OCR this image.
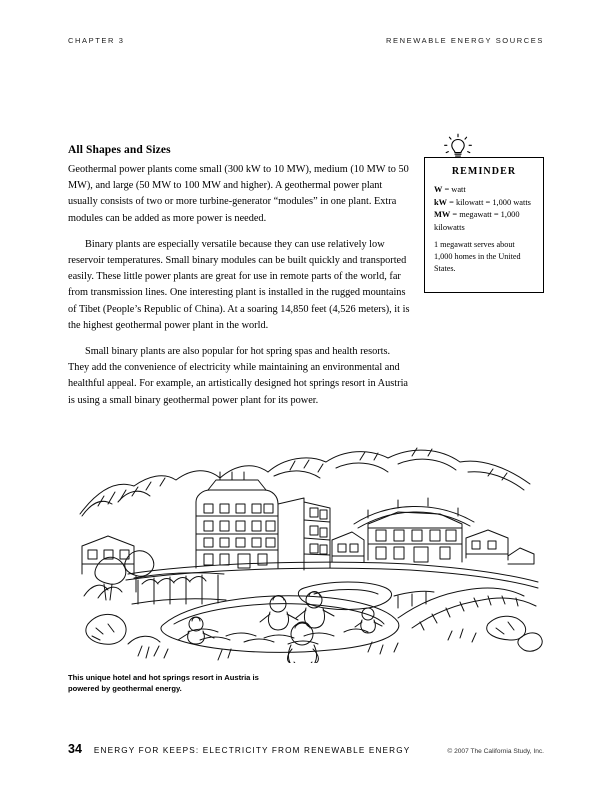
CHAPTER 3	RENEWABLE ENERGY SOURCES
All Shapes and Sizes

Geothermal power plants come small (300 kW to 10 MW), medium (10 MW to 50 MW), and large (50 MW to 100 MW and higher). A geothermal power plant usually consists of two or more turbine-generator “modules” in one plant. Extra modules can be added as more power is needed.

Binary plants are especially versatile because they can use relatively low reservoir temperatures. Small binary modules can be built quickly and transported easily. These little power plants are great for use in remote parts of the world, far from transmission lines. One interesting plant is installed in the rugged mountains of Tibet (People’s Republic of China). At a soaring 14,850 feet (4,526 meters), it is the highest geothermal power plant in the world.

Small binary plants are also popular for hot spring spas and health resorts. They add the convenience of electricity while maintaining an environmental and healthful appeal. For example, an artistically designed hot springs resort in Austria is using a small binary geothermal power plant for its power.

REMINDER

W = watt

kW = kilowatt = 1,000 watts

MW = megawatt = 1,000 kilowatts

1 megawatt serves about 1,000 homes in the United States.

This unique hotel and hot springs resort in Austria is powered by geothermal energy.
34 ENERGY FOR KEEPS: ELECTRICITY FROM RENEWABLE ENERGY	© 2007 The California Study, Inc.
